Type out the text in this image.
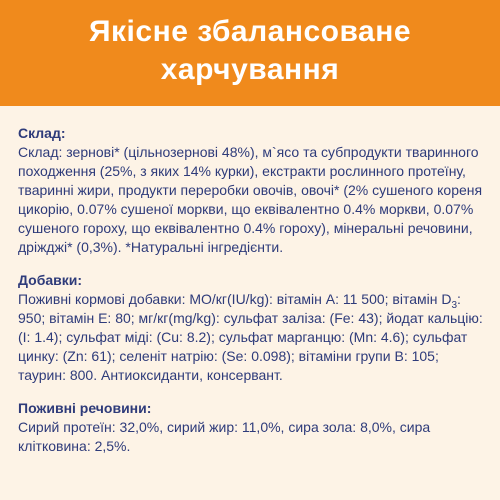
Якісне збалансоване
харчування

Склад:

Склад: зернові* (цільнозернові 48%), м`ясо та субпродукти тваринного походження (25%, з яких 14% курки), екстракти рослинного протеїну, тваринні жири, продукти переробки овочів, овочі* (2% сушеного кореня цикорію, 0.07% сушеної моркви, що еквівалентно 0.4% моркви, 0.07% сушеного гороху, що еквівалентно 0.4% гороху), мінеральні речовини, дріжджі* (0,3%). *Натуральні інгредієнти.

Добавки:

Поживні кормові добавки: МО/кг(IU/kg): вітамін А: 11 500; вітамін $D_3$: 950; вітамін Е: 80; мг/кг(mg/kg): сульфат заліза: (Fe: 43); йодат кальцію: (I: 1.4); сульфат міді: (Cu: 8.2); сульфат марганцю: (Mn: 4.6); сульфат цинку: (Zn: 61); селеніт натрію: (Se: 0.098); вітаміни групи В: 105; таурин: 800. Антиоксиданти, консервант.

Поживні речовини:

Сирий протеїн: 32,0%, сирий жир: 11,0%, сира зола: 8,0%, сира клітковина: 2,5%.
